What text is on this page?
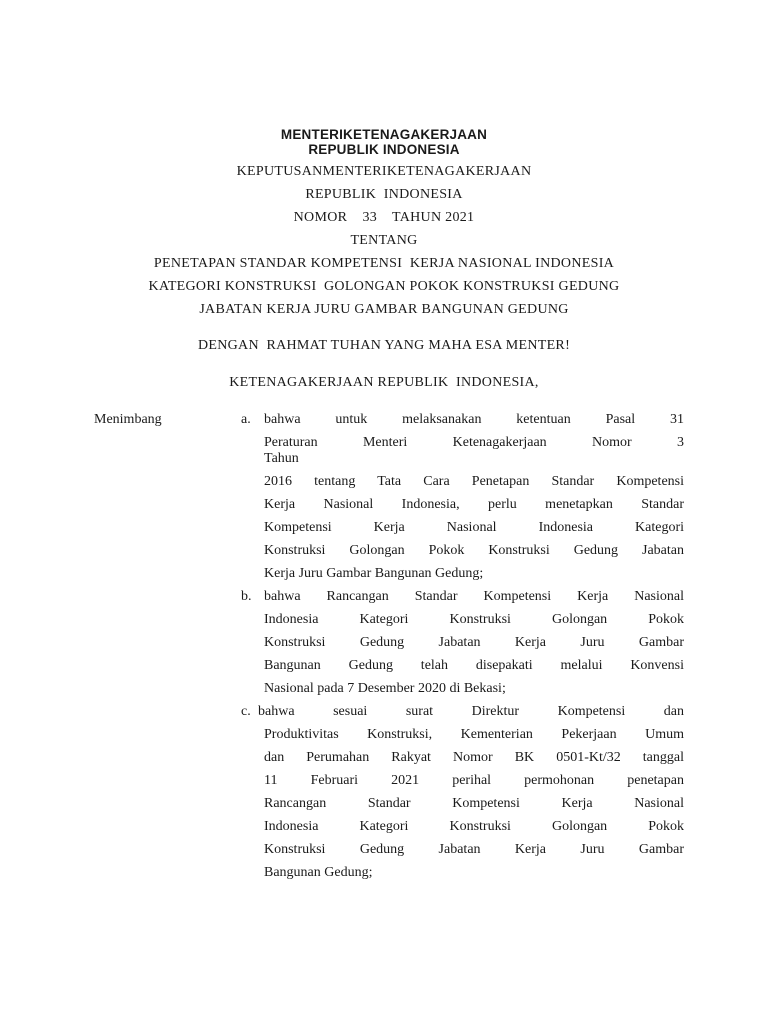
MENTERIKETENAGAKERJAAN
REPUBLIK INDONESIA
KEPUTUSANMENTERIKETENAGAKERJAAN
REPUBLIK  INDONESIA
NOMOR    33    TAHUN 2021
TENTANG
PENETAPAN STANDAR KOMPETENSI  KERJA NASIONAL INDONESIA
KATEGORI KONSTRUKSI  GOLONGAN POKOK KONSTRUKSI GEDUNG
JABATAN KERJA JURU GAMBAR BANGUNAN GEDUNG
DENGAN  RAHMAT TUHAN YANG MAHA ESA MENTER!
KETENAGAKERJAAN REPUBLIK  INDONESIA,
Menimbang	a. bahwa untuk melaksanakan ketentuan Pasal 31
Peraturan Menteri Ketenagakerjaan Nomor 3
Tahun
2016 tentang Tata Cara Penetapan Standar Kompetensi
Kerja Nasional Indonesia, perlu menetapkan Standar
Kompetensi Kerja Nasional Indonesia Kategori
Konstruksi Golongan Pokok Konstruksi Gedung Jabatan
Kerja Juru Gambar Bangunan Gedung;
b. bahwa Rancangan Standar Kompetensi Kerja Nasional
Indonesia Kategori Konstruksi Golongan Pokok
Konstruksi Gedung Jabatan Kerja Juru Gambar
Bangunan Gedung telah disepakati melalui Konvensi
Nasional pada 7 Desember 2020 di Bekasi;
c. bahwa sesuai surat Direktur Kompetensi dan
Produktivitas Konstruksi, Kementerian Pekerjaan Umum
dan Perumahan Rakyat Nomor BK 0501-Kt/32 tanggal
11 Februari 2021 perihal permohonan penetapan
Rancangan Standar Kompetensi Kerja Nasional
Indonesia Kategori Konstruksi Golongan Pokok
Konstruksi Gedung Jabatan Kerja Juru Gambar
Bangunan Gedung;
